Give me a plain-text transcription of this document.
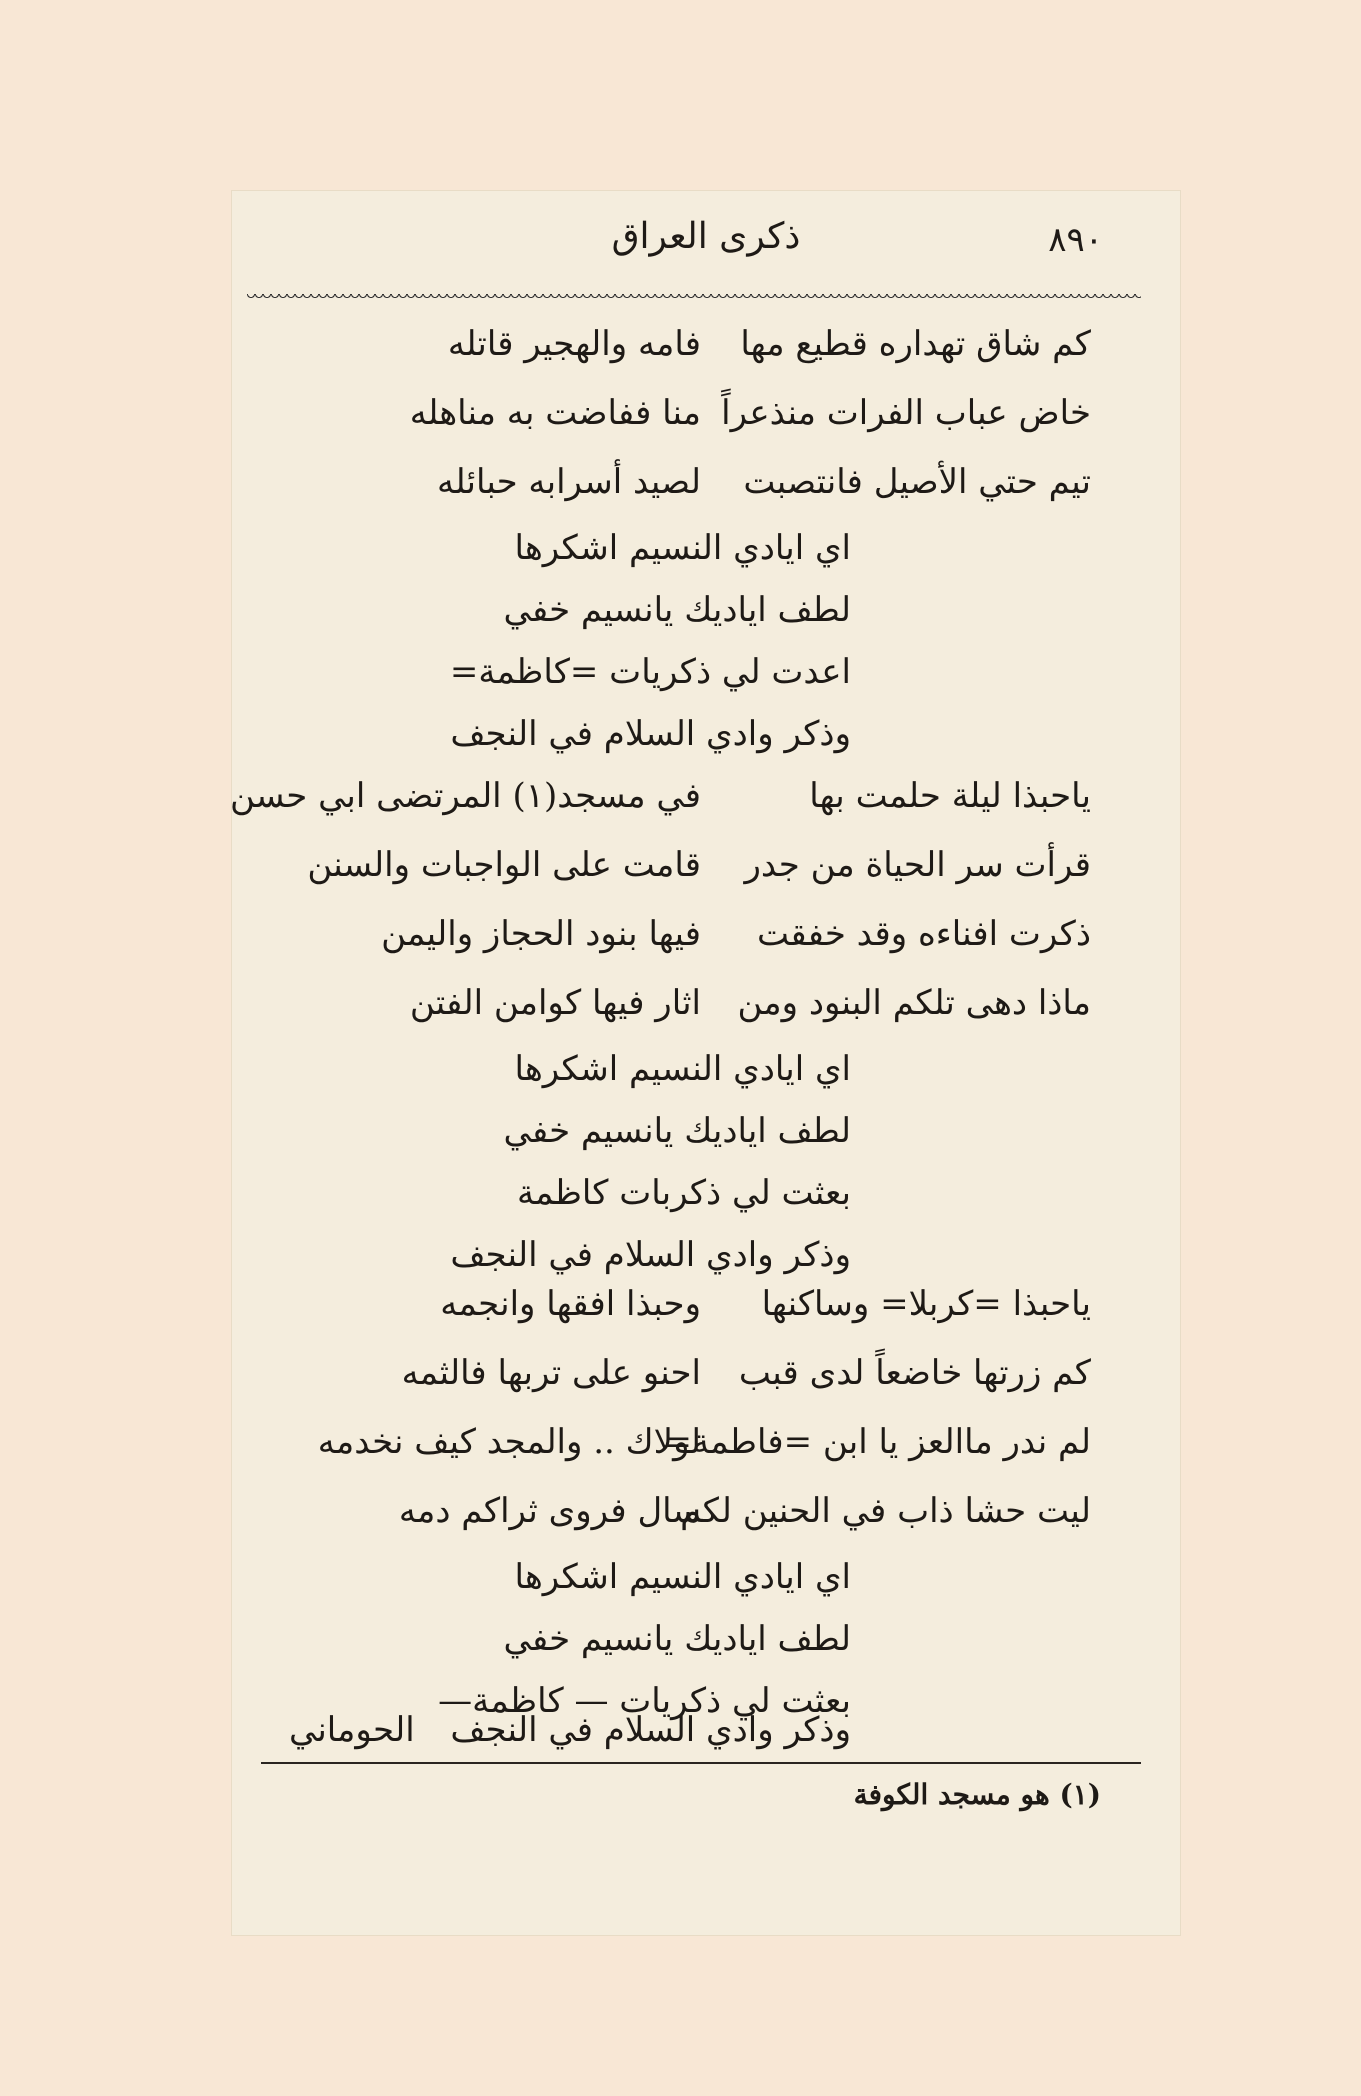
٨٩٠
ذكرى العراق
كم شاق تهداره قطيع مها
فامه والهجير قاتله
خاض عباب الفرات منذعراً
منا ففاضت به مناهله
تيم حتي الأصيل فانتصبت
لصيد أسرابه حبائله
اي ايادي النسيم اشكرها
لطف اياديك يانسيم خفي
اعدت لي ذكريات =كاظمة=
وذكر وادي السلام في النجف
ياحبذا ليلة حلمت بها
في مسجد(١) المرتضى ابي حسن
قرأت سر الحياة من جدر
قامت على الواجبات والسنن
ذكرت افناءه وقد خفقت
فيها بنود الحجاز واليمن
ماذا دهى تلكم البنود ومن
اثار فيها كوامن الفتن
اي ايادي النسيم اشكرها
لطف اياديك يانسيم خفي
بعثت لي ذكربات كاظمة
وذكر وادي السلام في النجف
ياحبذا =كربلا= وساكنها
وحبذا افقها وانجمه
كم زرتها خاضعاً لدى قبب
احنو على تربها فالثمه
لم ندر ماالعز يا ابن =فاطمة=
لولاك .. والمجد كيف نخدمه
ليت حشا ذاب في الحنين لكم
سال فروى ثراكم دمه
اي ايادي النسيم اشكرها
لطف اياديك يانسيم خفي
بعثت لي ذكريات — كاظمة—
وذكر وادي السلام في النجف
الحوماني
(١) هو مسجد الكوفة
